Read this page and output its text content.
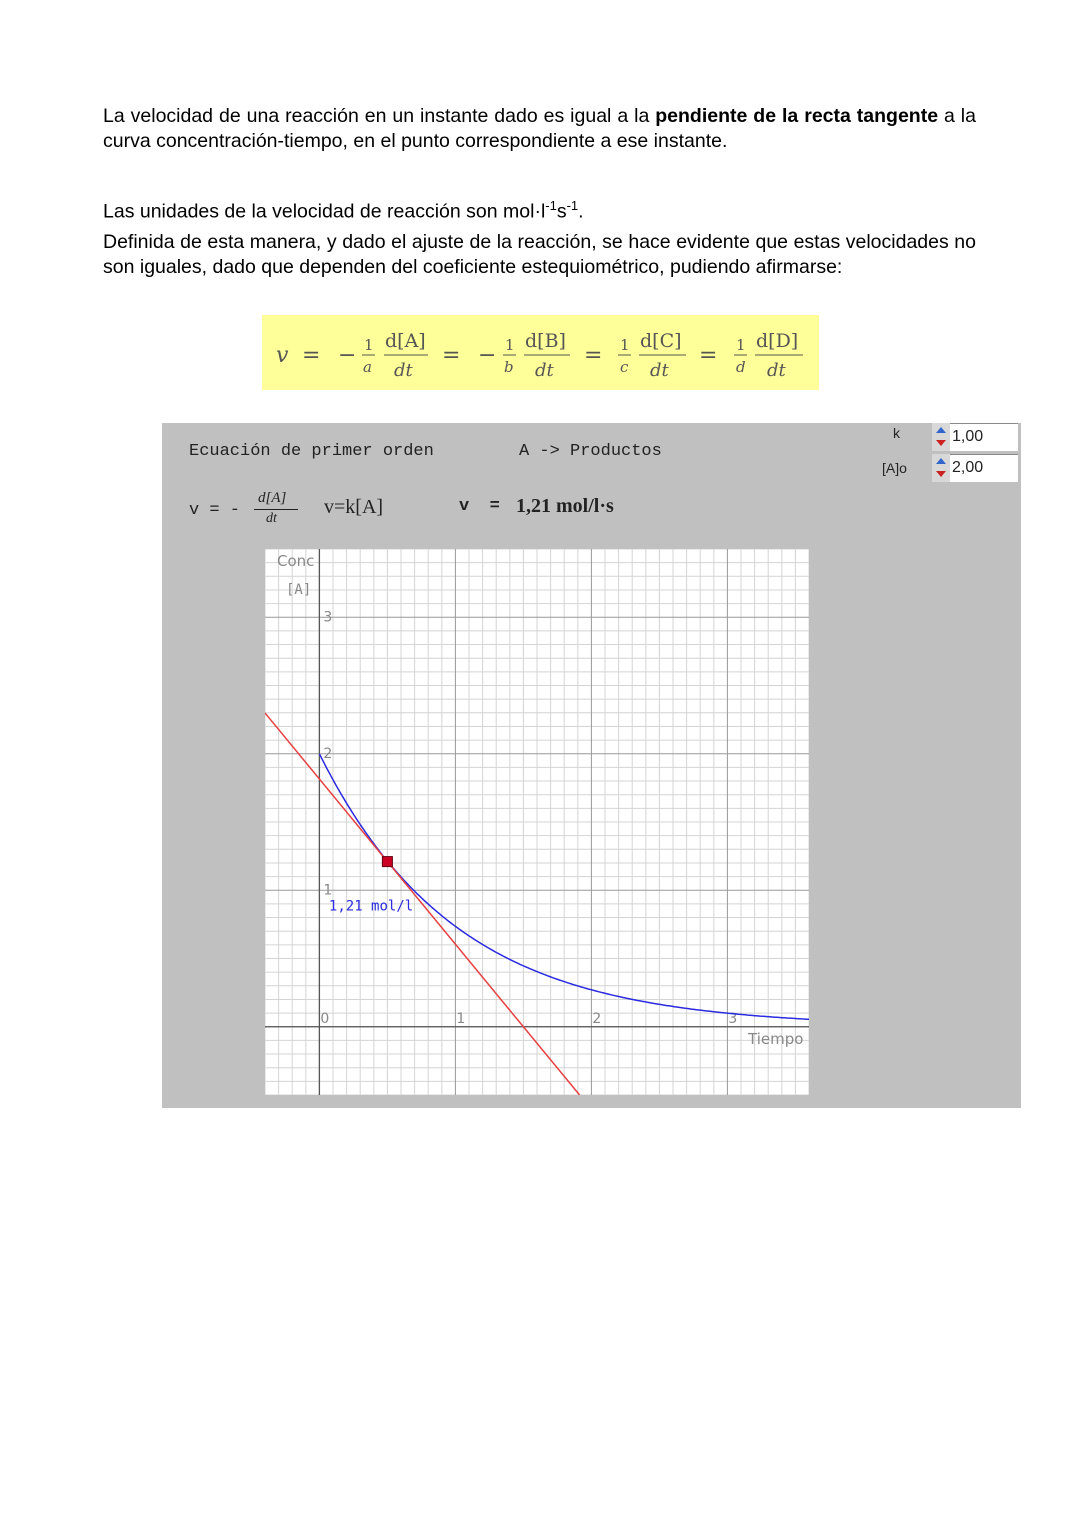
La velocidad de una reacción en un instante dado es igual a la pendiente de la recta tangente a la curva concentración-tiempo, en el punto correspondiente a ese instante.

Las unidades de la velocidad de reacción son $mol\cdot l^{-1}s^{-1}$.

Definida de esta manera, y dado el ajuste de la reacción, se hace evidente que estas velocidades no son iguales, dado que dependen del coeficiente estequiométrico, pudiendo afirmarse:

v = − 1
a
d[A]
dt
= − 1
b
d[B]
dt
= 1
c
d[C]
dt
= 1
d
d[D]
dt
Ecuación de primer orden	A -> Productos
v = -
d[A]
dt
v=k[A]	v  = 1,21 mol/l·s
k	1,00
[A]o	2,00
0	1	2	3
1
2
3
Conc
[A]
Tiempo
1,21 mol/l
